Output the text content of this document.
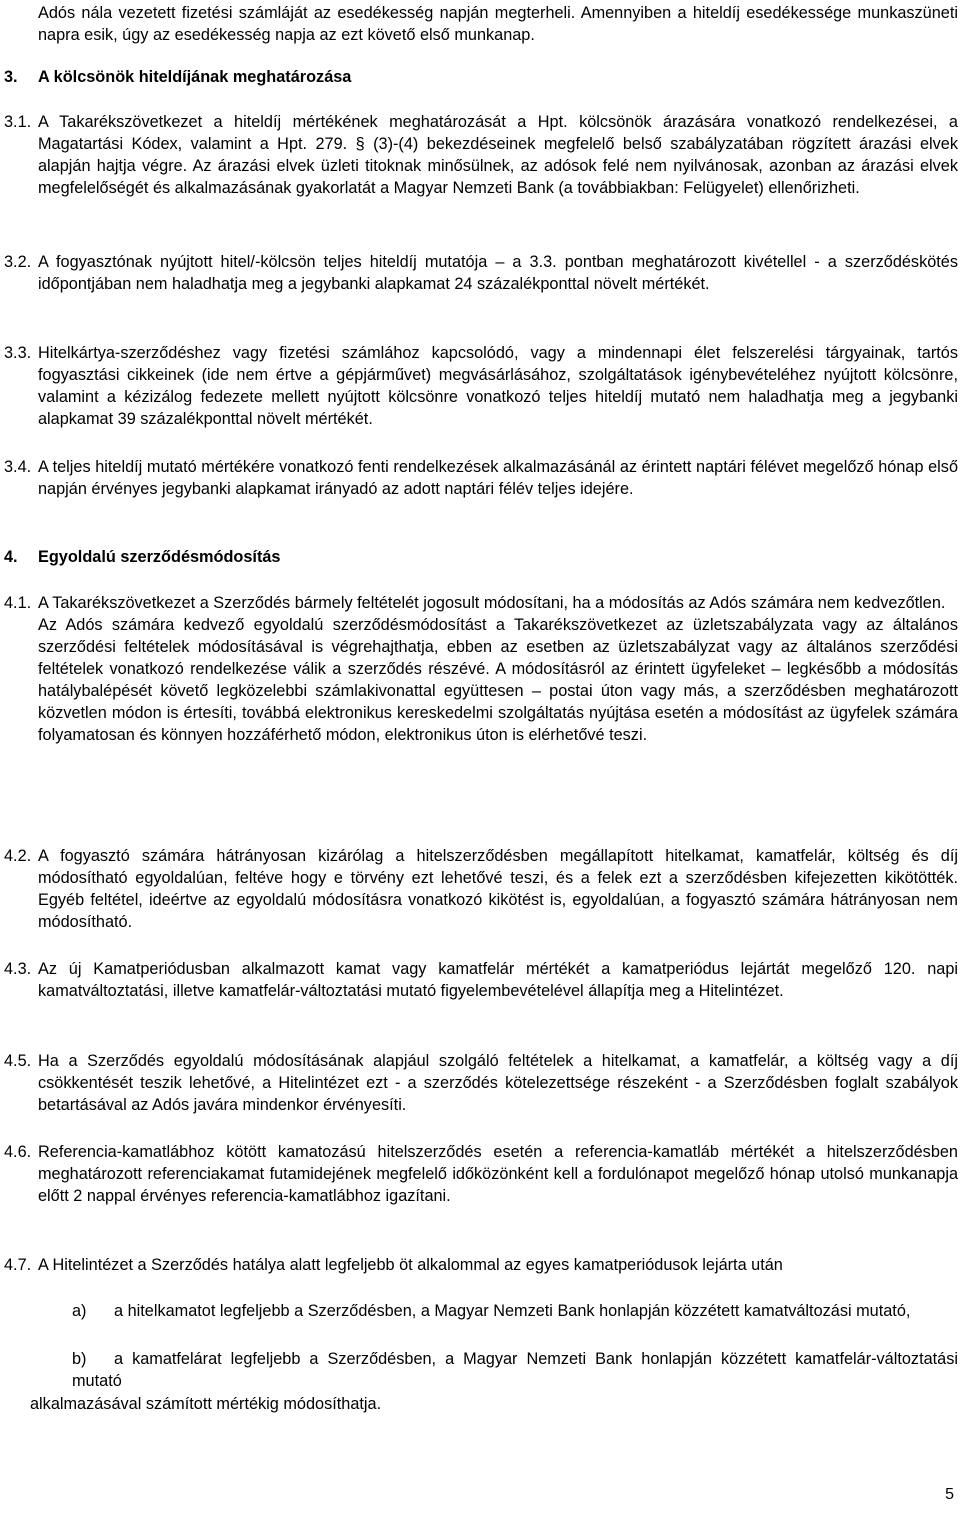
Adós nála vezetett fizetési számláját az esedékesség napján megterheli. Amennyiben a hiteldíj esedékessége munkaszüneti napra esik, úgy az esedékesség napja az ezt követő első munkanap.

3. A kölcsönök hiteldíjának meghatározása
3.1. A Takarékszövetkezet a hiteldíj mértékének meghatározását a Hpt. kölcsönök árazására vonatkozó rendelkezései, a Magatartási Kódex, valamint a Hpt. 279. § (3)-(4) bekezdéseinek megfelelő belső szabályzatában rögzített árazási elvek alapján hajtja végre. Az árazási elvek üzleti titoknak minősülnek, az adósok felé nem nyilvánosak, azonban az árazási elvek megfelelőségét és alkalmazásának gyakorlatát a Magyar Nemzeti Bank (a továbbiakban: Felügyelet) ellenőrizheti.
3.2. A fogyasztónak nyújtott hitel/-kölcsön teljes hiteldíj mutatója – a 3.3. pontban meghatározott kivétellel - a szerződéskötés időpontjában nem haladhatja meg a jegybanki alapkamat 24 százalékponttal növelt mértékét.
3.3. Hitelkártya-szerződéshez vagy fizetési számlához kapcsolódó, vagy a mindennapi élet felszerelési tárgyainak, tartós fogyasztási cikkeinek (ide nem értve a gépjárművet) megvásárlásához, szolgáltatások igénybevételéhez nyújtott kölcsönre, valamint a kézizálog fedezete mellett nyújtott kölcsönre vonatkozó teljes hiteldíj mutató nem haladhatja meg a jegybanki alapkamat 39 százalékponttal növelt mértékét.
3.4. A teljes hiteldíj mutató mértékére vonatkozó fenti rendelkezések alkalmazásánál az érintett naptári félévet megelőző hónap első napján érvényes jegybanki alapkamat irányadó az adott naptári félév teljes idejére.
4. Egyoldalú szerződésmódosítás
4.1. A Takarékszövetkezet a Szerződés bármely feltételét jogosult módosítani, ha a módosítás az Adós számára nem kedvezőtlen.
Az Adós számára kedvező egyoldalú szerződésmódosítást a Takarékszövetkezet az üzletszabályzata vagy az általános szerződési feltételek módosításával is végrehajthatja, ebben az esetben az üzletszabályzat vagy az általános szerződési feltételek vonatkozó rendelkezése válik a szerződés részévé. A módosításról az érintett ügyfeleket – legkésőbb a módosítás hatálybalépését követő legközelebbi számlakivonattal együttesen – postai úton vagy más, a szerződésben meghatározott közvetlen módon is értesíti, továbbá elektronikus kereskedelmi szolgáltatás nyújtása esetén a módosítást az ügyfelek számára folyamatosan és könnyen hozzáférhető módon, elektronikus úton is elérhetővé teszi.
4.2. A fogyasztó számára hátrányosan kizárólag a hitelszerződésben megállapított hitelkamat, kamatfelár, költség és díj módosítható egyoldalúan, feltéve hogy e törvény ezt lehetővé teszi, és a felek ezt a szerződésben kifejezetten kikötötték. Egyéb feltétel, ideértve az egyoldalú módosításra vonatkozó kikötést is, egyoldalúan, a fogyasztó számára hátrányosan nem módosítható.
4.3. Az új Kamatperiódusban alkalmazott kamat vagy kamatfelár mértékét a kamatperiódus lejártát megelőző 120. napi kamatváltoztatási, illetve kamatfelár-változtatási mutató figyelembevételével állapítja meg a Hitelintézet.
4.5. Ha a Szerződés egyoldalú módosításának alapjául szolgáló feltételek a hitelkamat, a kamatfelár, a költség vagy a díj csökkentését teszik lehetővé, a Hitelintézet ezt - a szerződés kötelezettsége részeként - a Szerződésben foglalt szabályok betartásával az Adós javára mindenkor érvényesíti.
4.6. Referencia-kamatlábhoz kötött kamatozású hitelszerződés esetén a referencia-kamatláb mértékét a hitelszerződésben meghatározott referenciakamat futamidejének megfelelő időközönként kell a fordulónapot megelőző hónap utolsó munkanapja előtt 2 nappal érvényes referencia-kamatlábhoz igazítani.
4.7. A Hitelintézet a Szerződés hatálya alatt legfeljebb öt alkalommal az egyes kamatperiódusok lejárta után
a)	a hitelkamatot legfeljebb a Szerződésben, a Magyar Nemzeti Bank honlapján közzétett kamatváltozási mutató,
b)	a kamatfelárat legfeljebb a Szerződésben, a Magyar Nemzeti Bank honlapján közzétett kamatfelár-változtatási mutató

alkalmazásával számított mértékig módosíthatja.

5
